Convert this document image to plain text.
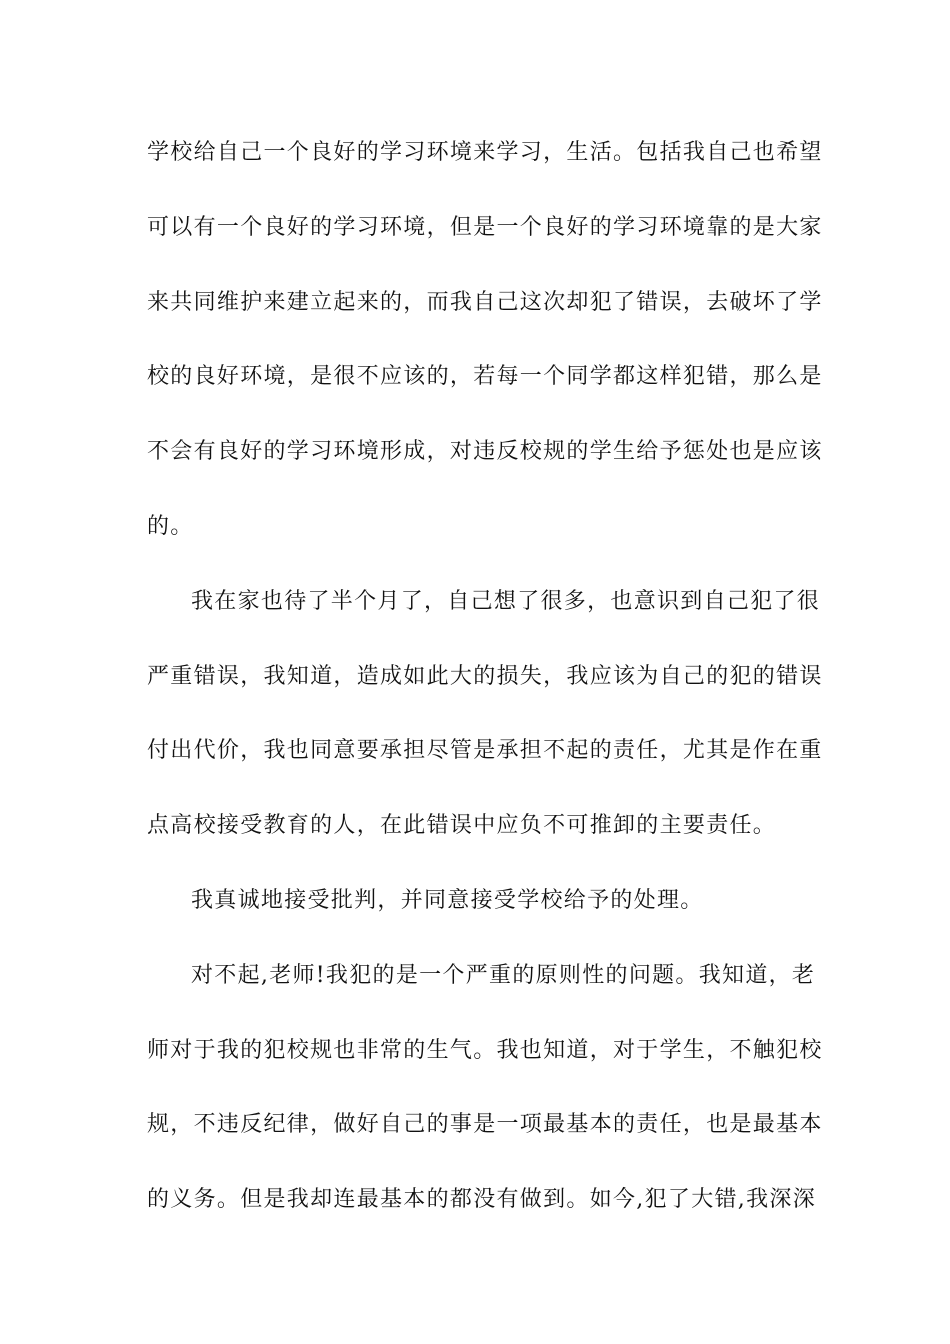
学校给自己一个良好的学习环境来学习，生活。包括我自己也希望
可以有一个良好的学习环境，但是一个良好的学习环境靠的是大家
来共同维护来建立起来的，而我自己这次却犯了错误，去破坏了学
校的良好环境，是很不应该的，若每一个同学都这样犯错，那么是
不会有良好的学习环境形成，对违反校规的学生给予惩处也是应该
的。
我在家也待了半个月了，自己想了很多，也意识到自己犯了很
严重错误，我知道，造成如此大的损失，我应该为自己的犯的错误
付出代价，我也同意要承担尽管是承担不起的责任，尤其是作在重
点高校接受教育的人，在此错误中应负不可推卸的主要责任。
我真诚地接受批判，并同意接受学校给予的处理。
对不起,老师!我犯的是一个严重的原则性的问题。我知道，老
师对于我的犯校规也非常的生气。我也知道，对于学生，不触犯校
规，不违反纪律，做好自己的事是一项最基本的责任，也是最基本
的义务。但是我却连最基本的都没有做到。如今,犯了大错,我深深
